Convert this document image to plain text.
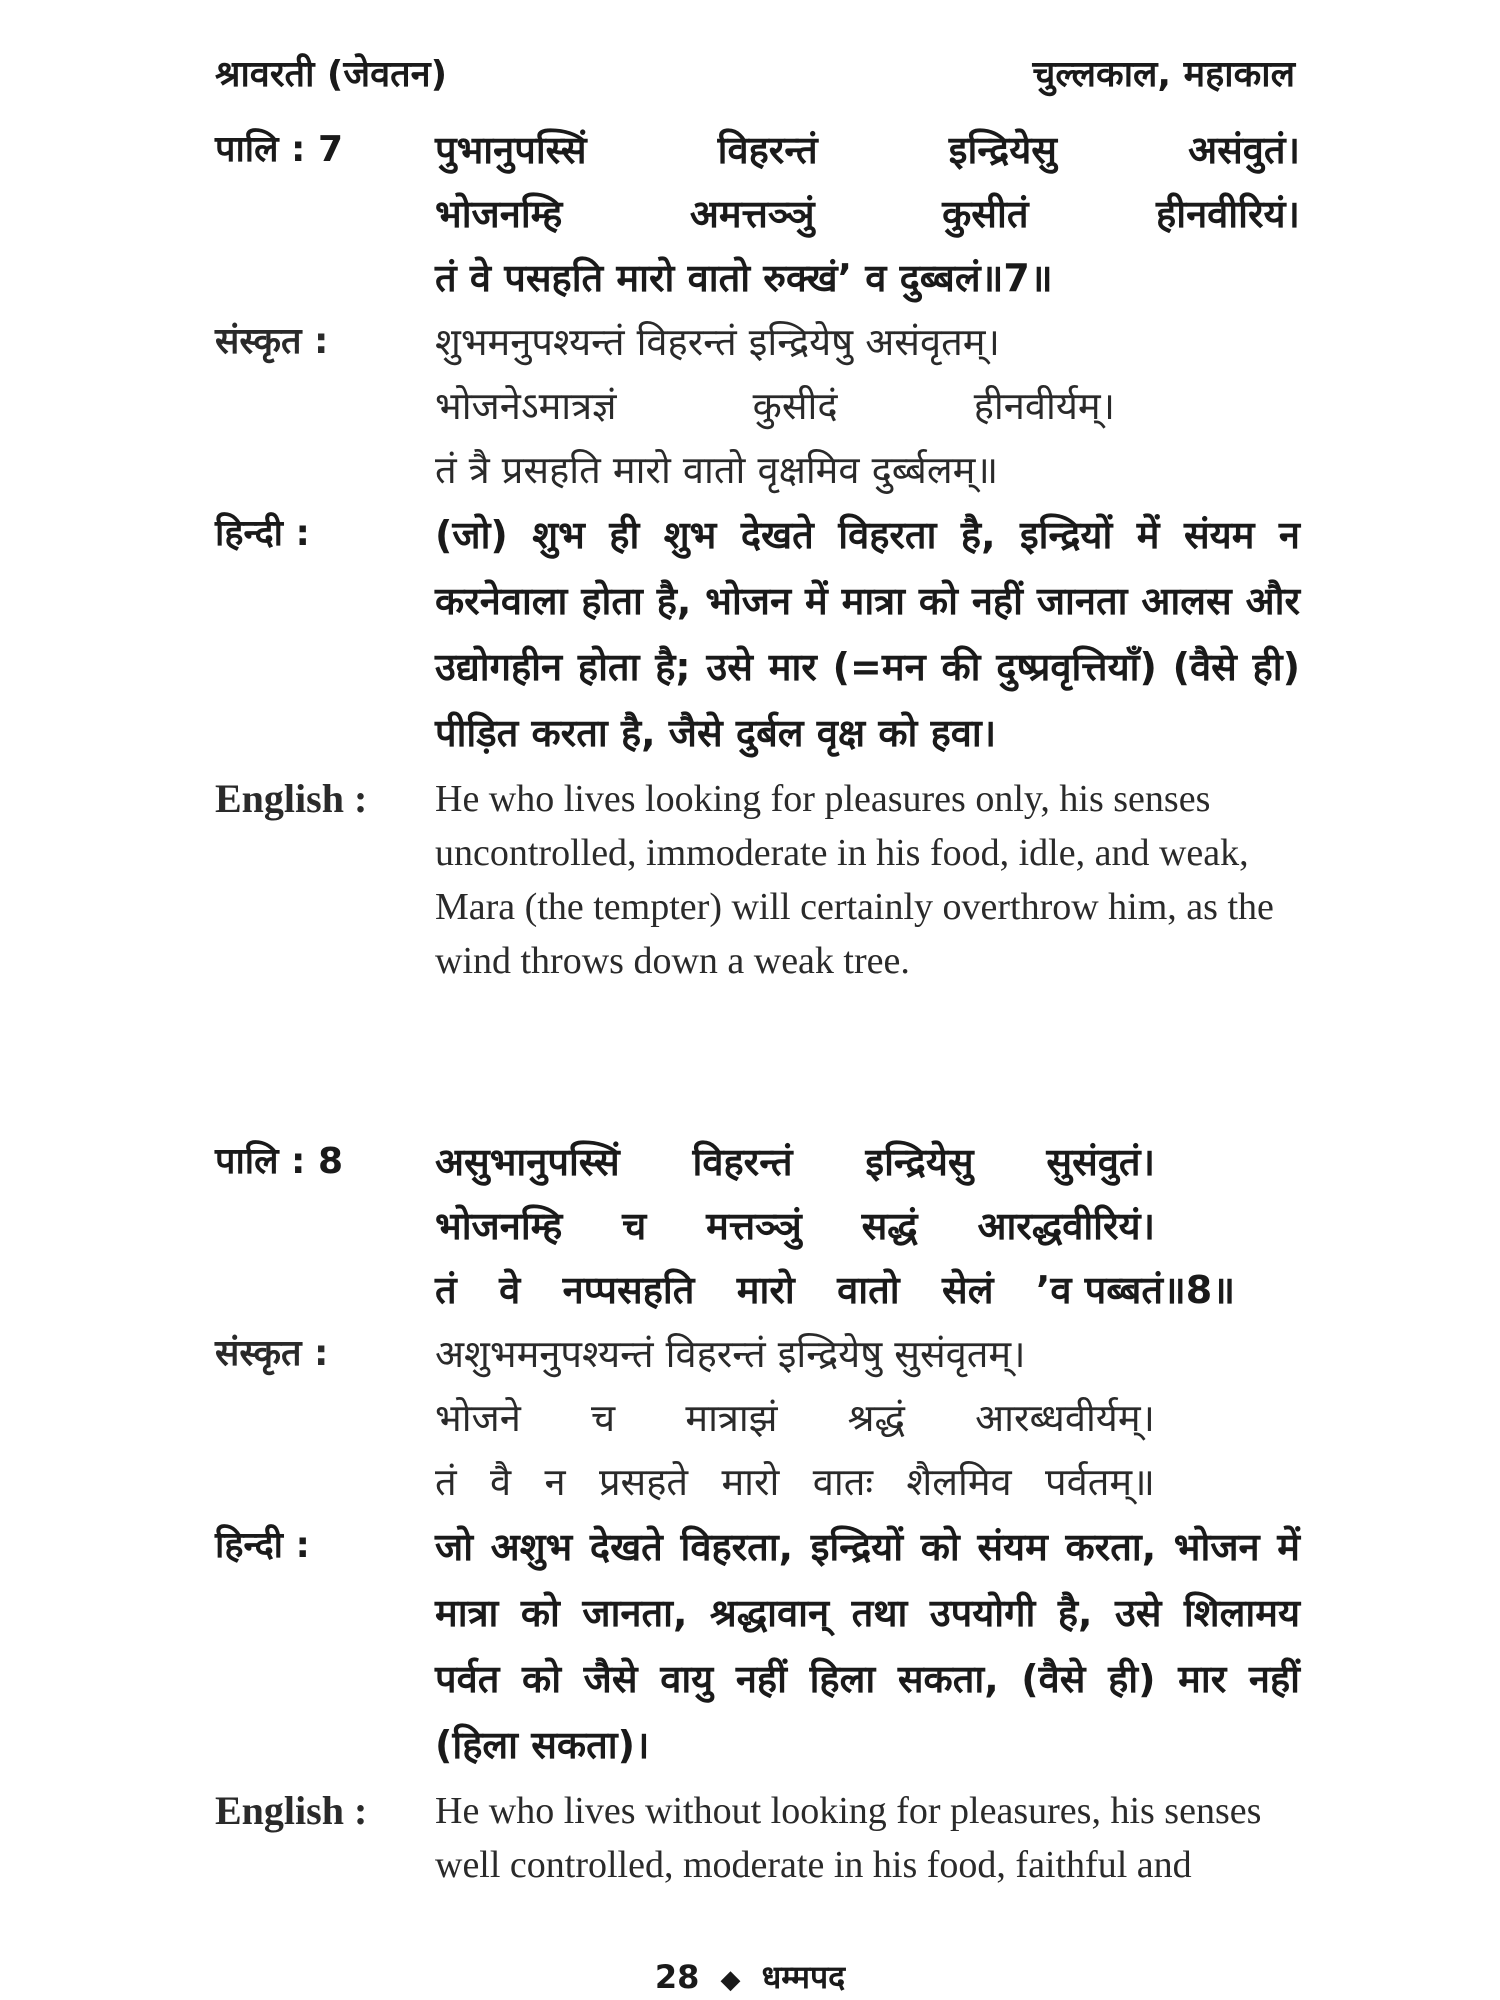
श्रावरती (जेवतन)	चुल्लकाल, महाकाल
पालि : 7	पुभानुपस्सिं	विहरन्तं	इन्द्रियेसु	असंवुतं।
भोजनम्हि	अमत्तञ्ञुं	कुसीतं	हीनवीरियं।
तं वे पसहति मारो वातो रुक्खं’ व दुब्बलं॥7॥
संस्कृत :	शुभमनुपश्यन्तं विहरन्तं इन्द्रियेषु असंवृतम्।
भोजनेऽमात्रज्ञं	कुसीदं	हीनवीर्यम्।
तं त्रै प्रसहति मारो वातो वृक्षमिव दुर्ब्बलम्॥
हिन्दी :	(जो) शुभ ही शुभ देखते विहरता है, इन्द्रियों में संयम न करनेवाला होता है, भोजन में मात्रा को नहीं जानता आलस और उद्योगहीन होता है; उसे मार (=मन की दुष्प्रवृत्तियाँ) (वैसे ही) पीड़ित करता है, जैसे दुर्बल वृक्ष को हवा।
English :	He who lives looking for pleasures only, his senses uncontrolled, immoderate in his food, idle, and weak, Mara (the tempter) will certainly overthrow him, as the wind throws down a weak tree.
पालि : 8	असुभानुपस्सिं विहरन्तं इन्द्रियेसु सुसंवुतं।
भोजनम्हि च मत्तञ्ञुं सद्धं आरद्धवीरियं।
तं वे नप्पसहति मारो वातो सेलं ’व पब्बतं॥8॥
संस्कृत :	अशुभमनुपश्यन्तं विहरन्तं इन्द्रियेषु सुसंवृतम्।
भोजने च मात्राझं श्रद्धं आरब्धवीर्यम्।
तं वै न प्रसहते मारो वातः शैलमिव पर्वतम्॥
हिन्दी :	जो अशुभ देखते विहरता, इन्द्रियों को संयम करता, भोजन में मात्रा को जानता, श्रद्धावान् तथा उपयोगी है, उसे शिलामय पर्वत को जैसे वायु नहीं हिला सकता, (वैसे ही) मार नहीं (हिला सकता)।
English :	He who lives without looking for pleasures, his senses well controlled, moderate in his food, faithful and
28 ◆ धम्मपद
